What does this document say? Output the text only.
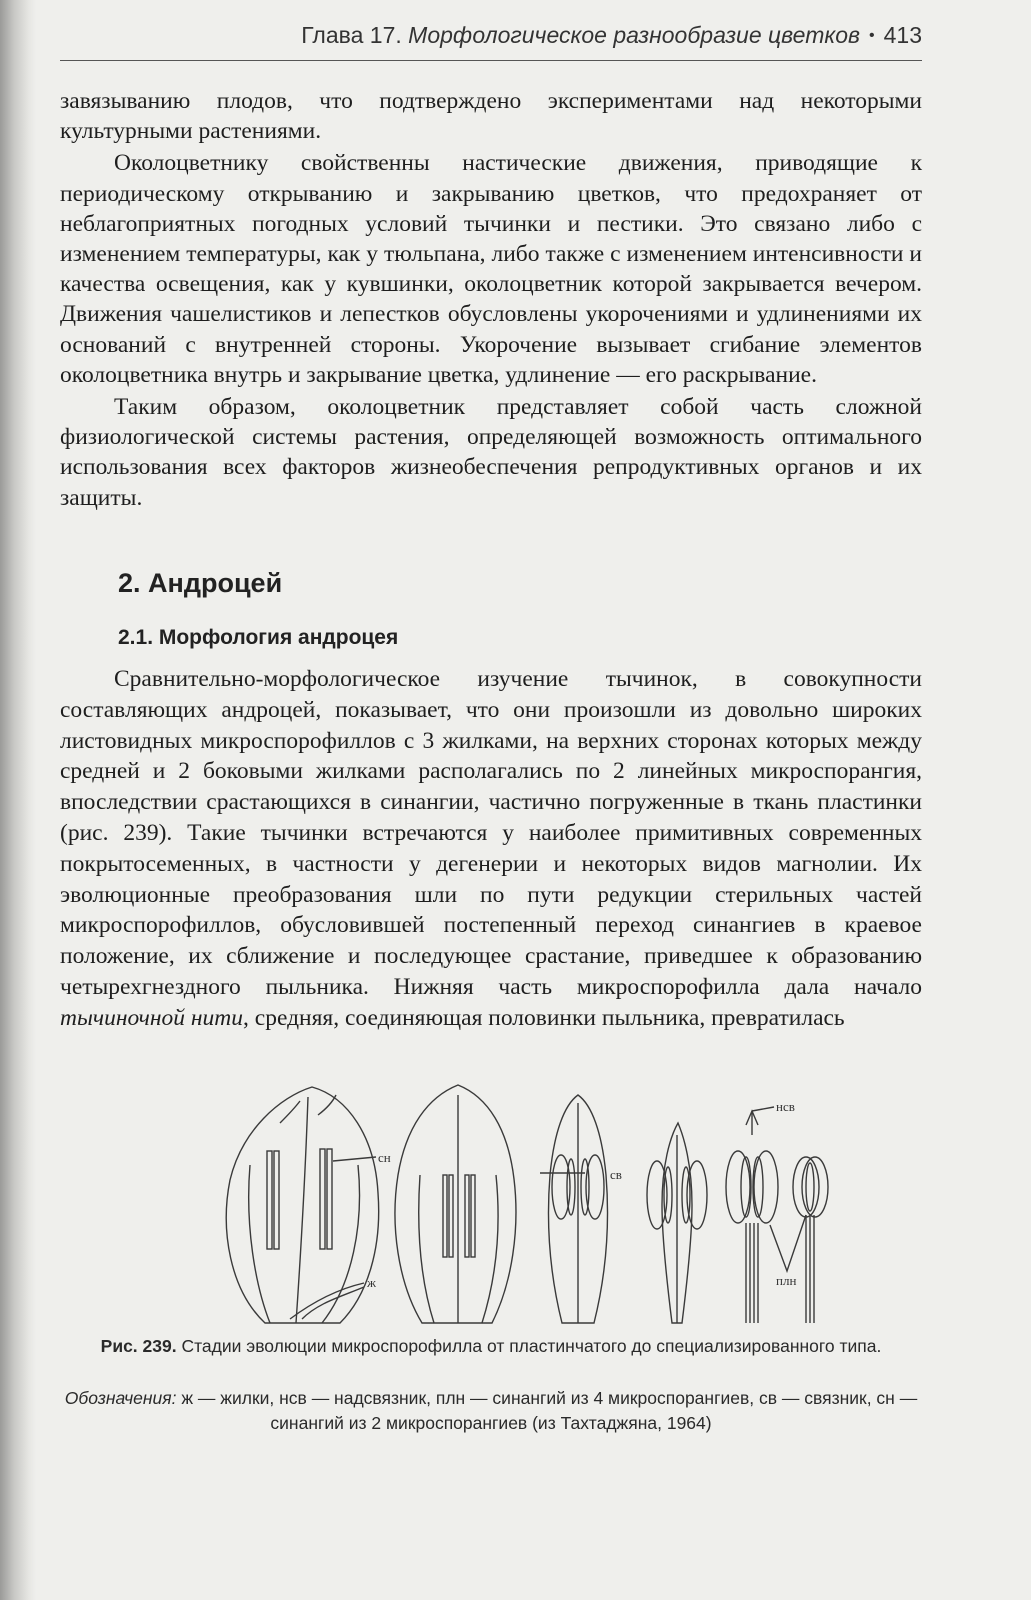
Глава 17. Морфологическое разнообразие цветков • 413

завязыванию плодов, что подтверждено экспериментами над некоторыми культурными растениями.

Околоцветнику свойственны настические движения, приводящие к периодическому открыванию и закрыванию цветков, что предохраняет от неблагоприятных погодных условий тычинки и пестики. Это связано либо с изменением температуры, как у тюльпана, либо также с изменением интенсивности и качества освещения, как у кувшинки, околоцветник которой закрывается вечером. Движения чашелистиков и лепестков обусловлены укорочениями и удлинениями их оснований с внутренней стороны. Укорочение вызывает сгибание элементов околоцветника внутрь и закрывание цветка, удлинение — его раскрывание.

Таким образом, околоцветник представляет собой часть сложной физиологической системы растения, определяющей возможность оптимального использования всех факторов жизнеобеспечения репродуктивных органов и их защиты.

2. Андроцей
2.1. Морфология андроцея

Сравнительно-морфологическое изучение тычинок, в совокупности составляющих андроцей, показывает, что они произошли из довольно широких листовидных микроспорофиллов с 3 жилками, на верхних сторонах которых между средней и 2 боковыми жилками располагались по 2 линейных микроспорангия, впоследствии срастающихся в синангии, частично погруженные в ткань пластинки (рис. 239). Такие тычинки встречаются у наиболее примитивных современных покрытосеменных, в частности у дегенерии и некоторых видов магнолии. Их эволюционные преобразования шли по пути редукции стерильных частей микроспорофиллов, обусловившей постепенный переход синангиев в краевое положение, их сближение и последующее срастание, приведшее к образованию четырехгнездного пыльника. Нижняя часть микроспорофилла дала начало тычиночной нити, средняя, соединяющая половинки пыльника, превратилась

сн
ж
св
нсв
плн
Рис. 239. Стадии эволюции микроспорофилла от пластинчатого до специализированного типа.
Обозначения: ж — жилки, нсв — надсвязник, плн — синангий из 4 микроспорангиев, св — связник, сн — синангий из 2 микроспорангиев (из Тахтаджяна, 1964)
